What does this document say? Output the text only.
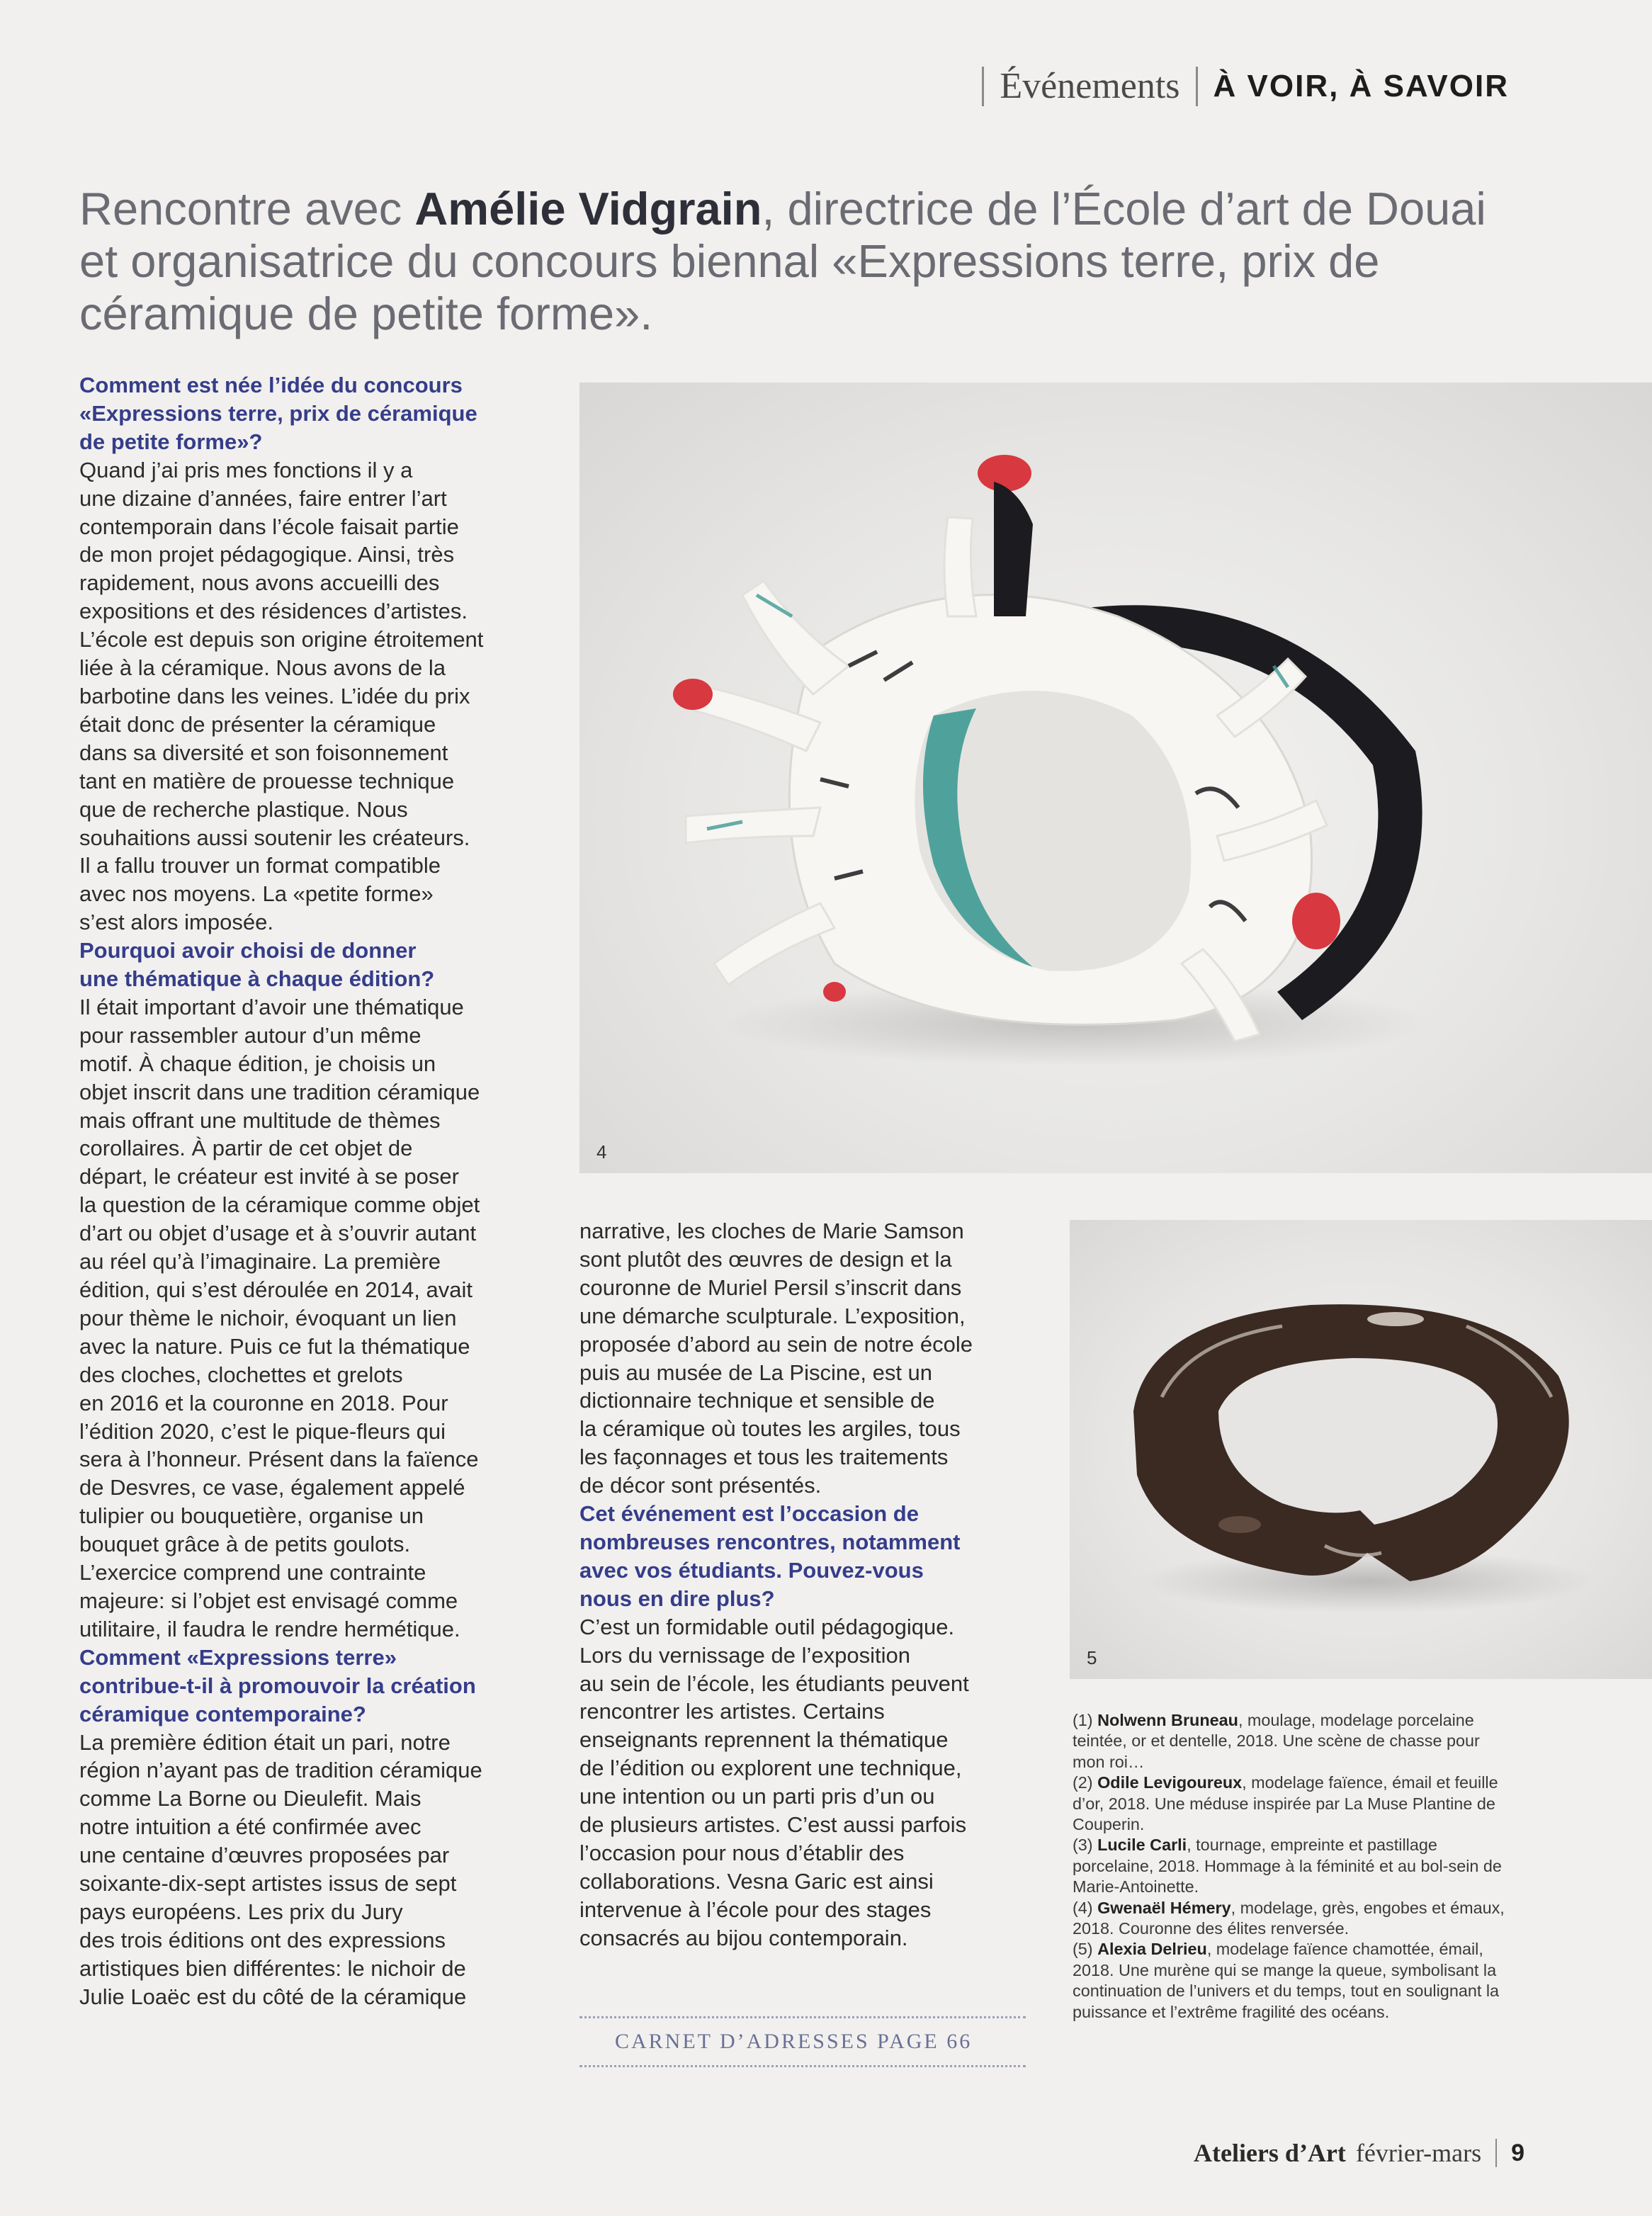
Événements À VOIR, À SAVOIR
Rencontre avec Amélie Vidgrain, directrice de l’École d’art de Douai et organisatrice du concours biennal «Expressions terre, prix de céramique de petite forme».

Comment est née l’idée du concours

«Expressions terre, prix de céramique

de petite forme»?

Quand j’ai pris mes fonctions il y a

une dizaine d’années, faire entrer l’art

contemporain dans l’école faisait partie

de mon projet pédagogique. Ainsi, très

rapidement, nous avons accueilli des

expositions et des résidences d’artistes.

L’école est depuis son origine étroitement

liée à la céramique. Nous avons de la

barbotine dans les veines. L’idée du prix

était donc de présenter la céramique

dans sa diversité et son foisonnement

tant en matière de prouesse technique

que de recherche plastique. Nous

souhaitions aussi soutenir les créateurs.

Il a fallu trouver un format compatible

avec nos moyens. La «petite forme»

s’est alors imposée.

Pourquoi avoir choisi de donner

une thématique à chaque édition?

Il était important d’avoir une thématique

pour rassembler autour d’un même

motif. À chaque édition, je choisis un

objet inscrit dans une tradition céramique

mais offrant une multitude de thèmes

corollaires. À partir de cet objet de

départ, le créateur est invité à se poser

la question de la céramique comme objet

d’art ou objet d’usage et à s’ouvrir autant

au réel qu’à l’imaginaire. La première

édition, qui s’est déroulée en 2014, avait

pour thème le nichoir, évoquant un lien

avec la nature. Puis ce fut la thématique

des cloches, clochettes et grelots

en 2016 et la couronne en 2018. Pour

l’édition 2020, c’est le pique-fleurs qui

sera à l’honneur. Présent dans la faïence

de Desvres, ce vase, également appelé

tulipier ou bouquetière, organise un

bouquet grâce à de petits goulots.

L’exercice comprend une contrainte

majeure: si l’objet est envisagé comme

utilitaire, il faudra le rendre hermétique.

Comment «Expressions terre»

contribue-t-il à promouvoir la création

céramique contemporaine?

La première édition était un pari, notre

région n’ayant pas de tradition céramique

comme La Borne ou Dieulefit. Mais

notre intuition a été confirmée avec

une centaine d’œuvres proposées par

soixante-dix-sept artistes issus de sept

pays européens. Les prix du Jury

des trois éditions ont des expressions

artistiques bien différentes: le nichoir de

Julie Loaëc est du côté de la céramique

4

narrative, les cloches de Marie Samson

sont plutôt des œuvres de design et la

couronne de Muriel Persil s’inscrit dans

une démarche sculpturale. L’exposition,

proposée d’abord au sein de notre école

puis au musée de La Piscine, est un

dictionnaire technique et sensible de

la céramique où toutes les argiles, tous

les façonnages et tous les traitements

de décor sont présentés.

Cet événement est l’occasion de

nombreuses rencontres, notamment

avec vos étudiants. Pouvez-vous

nous en dire plus?

C’est un formidable outil pédagogique.

Lors du vernissage de l’exposition

au sein de l’école, les étudiants peuvent

rencontrer les artistes. Certains

enseignants reprennent la thématique

de l’édition ou explorent une technique,

une intention ou un parti pris d’un ou

de plusieurs artistes. C’est aussi parfois

l’occasion pour nous d’établir des

collaborations. Vesna Garic est ainsi

intervenue à l’école pour des stages

consacrés au bijou contemporain.

5

(1) Nolwenn Bruneau, moulage, modelage porcelaine teintée, or et dentelle, 2018. Une scène de chasse pour mon roi…

(2) Odile Levigoureux, modelage faïence, émail et feuille d’or, 2018. Une méduse inspirée par La Muse Plantine de Couperin.

(3) Lucile Carli, tournage, empreinte et pastillage porcelaine, 2018. Hommage à la féminité et au bol-sein de Marie-Antoinette.

(4) Gwenaël Hémery, modelage, grès, engobes et émaux, 2018. Couronne des élites renversée.

(5) Alexia Delrieu, modelage faïence chamottée, émail, 2018. Une murène qui se mange la queue, symbolisant la continuation de l’univers et du temps, tout en soulignant la puissance et l’extrême fragilité des océans.

CARNET D’ADRESSES PAGE 66
Ateliers d’Art février-mars 9
